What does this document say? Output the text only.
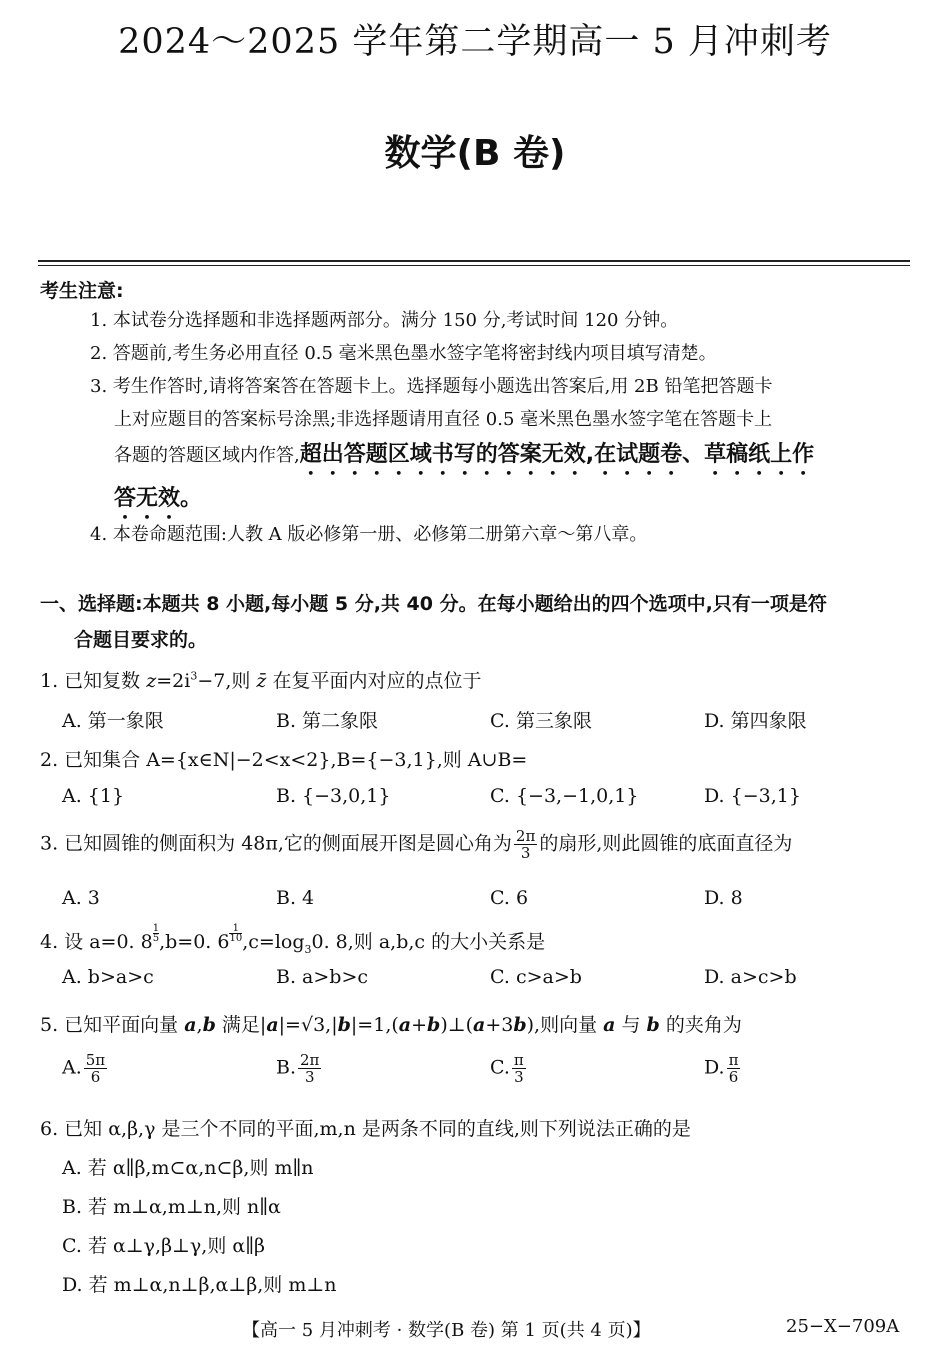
2024～2025 学年第二学期高一 5 月冲刺考
数学(B 卷)
考生注意:
1. 本试卷分选择题和非选择题两部分。满分 150 分,考试时间 120 分钟。
2. 答题前,考生务必用直径 0.5 毫米黑色墨水签字笔将密封线内项目填写清楚。
3. 考生作答时,请将答案答在答题卡上。选择题每小题选出答案后,用 2B 铅笔把答题卡
上对应题目的答案标号涂黑;非选择题请用直径 0.5 毫米黑色墨水签字笔在答题卡上
各题的答题区域内作答,超出答题区域书写的答案无效,在试题卷、草稿纸上作
答无效。
4. 本卷命题范围:人教 A 版必修第一册、必修第二册第六章～第八章。
一、选择题:本题共 8 小题,每小题 5 分,共 40 分。在每小题给出的四个选项中,只有一项是符
合题目要求的。
1. 已知复数 $z=2i^3-7$,则 z̄ 在复平面内对应的点位于
A. 第一象限	B. 第二象限	C. 第三象限	D. 第四象限
2. 已知集合 A={x∈N|−2<x<2},B={−3,1},则 A∪B=
A. {1}	B. {−3,0,1}	C. {−3,−1,0,1}	D. {−3,1}
3. 已知圆锥的侧面积为 48π,它的侧面展开图是圆心角为 $\frac{2\pi}{3}$ 的扇形,则此圆锥的底面直径为
A. 3	B. 4	C. 6	D. 8
4. 设 a=0. $8 \frac{1}{5} ,b=0$. $6 \frac{1}{10} ,c=\log_30$. 8,则 a,b,c 的大小关系是
A. b>a>c	B. a>b>c	C. c>a>b	D. a>c>b
5. 已知平面向量 a,b 满足|a|=√3,|b|=1,(a+b)⊥(a+3b),则向量 a 与 b 的夹角为
A. $\frac{5\pi}{6}$	B. $\frac{2\pi}{3}$	C. $\frac{\pi}{3}$	D. $\frac{\pi}{6}$
6. 已知 α,β,γ 是三个不同的平面,m,n 是两条不同的直线,则下列说法正确的是
A. 若 α∥β,m⊂α,n⊂β,则 m∥n
B. 若 m⊥α,m⊥n,则 n∥α
C. 若 α⊥γ,β⊥γ,则 α∥β
D. 若 m⊥α,n⊥β,α⊥β,则 m⊥n
【高一 5 月冲刺考 · 数学(B 卷) 第 1 页(共 4 页)】	25−X−709A
